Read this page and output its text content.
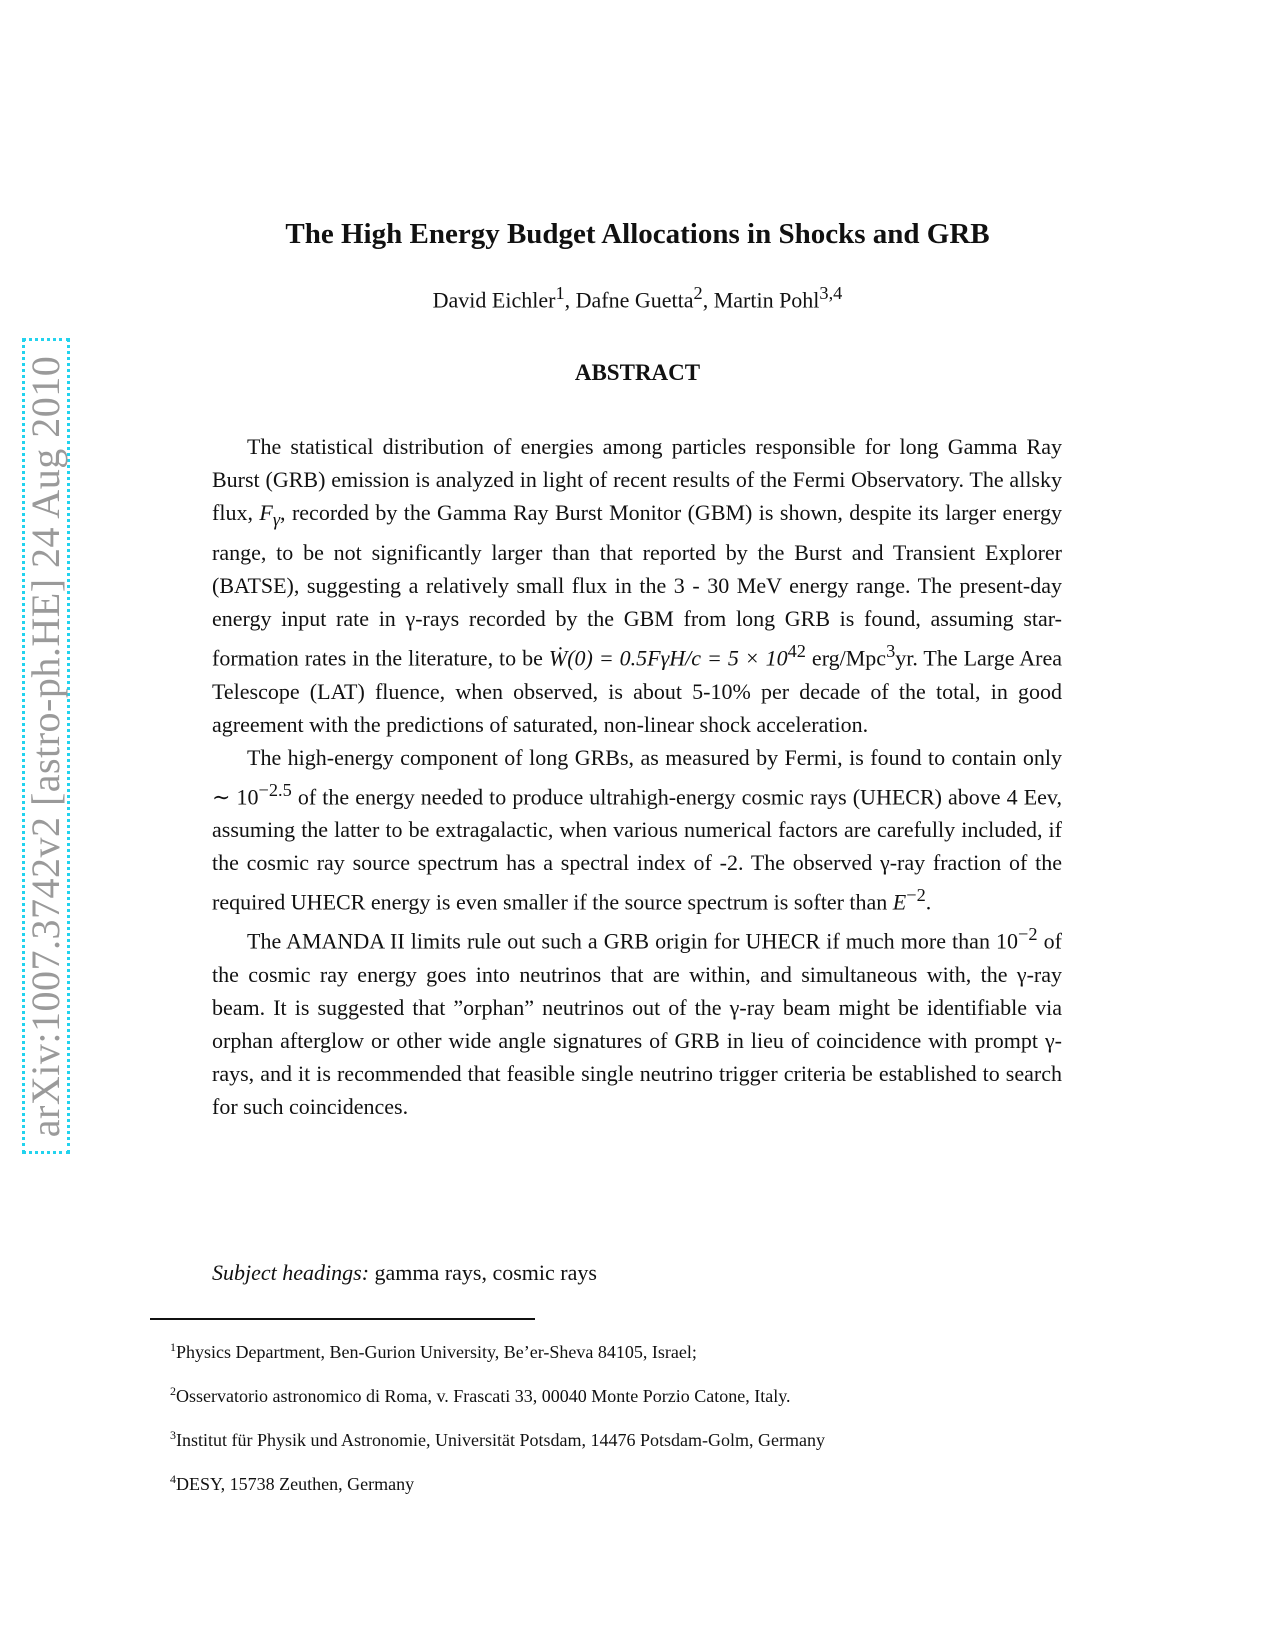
arXiv:1007.3742v2 [astro-ph.HE] 24 Aug 2010
The High Energy Budget Allocations in Shocks and GRB
David Eichler$^1$, Dafne Guetta$^2$, Martin Pohl$^{3,4}$
ABSTRACT

The statistical distribution of energies among particles responsible for long Gamma Ray Burst (GRB) emission is analyzed in light of recent results of the Fermi Observatory. The allsky flux, $F_\gamma$, recorded by the Gamma Ray Burst Monitor (GBM) is shown, despite its larger energy range, to be not significantly larger than that reported by the Burst and Transient Explorer (BATSE), suggesting a relatively small flux in the 3 - 30 MeV energy range. The present-day energy input rate in γ-rays recorded by the GBM from long GRB is found, assuming star-formation rates in the literature, to be Ẇ(0) = $0.5F\gamma H/c = 5 \times 10^{42}$ erg/Mpc$^3$yr. The Large Area Telescope (LAT) fluence, when observed, is about 5-10% per decade of the total, in good agreement with the predictions of saturated, non-linear shock acceleration.

The high-energy component of long GRBs, as measured by Fermi, is found to contain only ∼ $10^{-2.5}$ of the energy needed to produce ultrahigh-energy cosmic rays (UHECR) above 4 Eev, assuming the latter to be extragalactic, when various numerical factors are carefully included, if the cosmic ray source spectrum has a spectral index of -2. The observed γ-ray fraction of the required UHECR energy is even smaller if the source spectrum is softer than $E^{-2}$.

The AMANDA II limits rule out such a GRB origin for UHECR if much more than $10^{-2}$ of the cosmic ray energy goes into neutrinos that are within, and simultaneous with, the γ-ray beam. It is suggested that ”orphan” neutrinos out of the γ-ray beam might be identifiable via orphan afterglow or other wide angle signatures of GRB in lieu of coincidence with prompt γ-rays, and it is recommended that feasible single neutrino trigger criteria be established to search for such coincidences.

Subject headings: gamma rays, cosmic rays

$^1$Physics Department, Ben-Gurion University, Be’er-Sheva 84105, Israel;

$^2$Osservatorio astronomico di Roma, v. Frascati 33, 00040 Monte Porzio Catone, Italy.

$^3$Institut für Physik und Astronomie, Universität Potsdam, 14476 Potsdam-Golm, Germany

$^4$DESY, 15738 Zeuthen, Germany
